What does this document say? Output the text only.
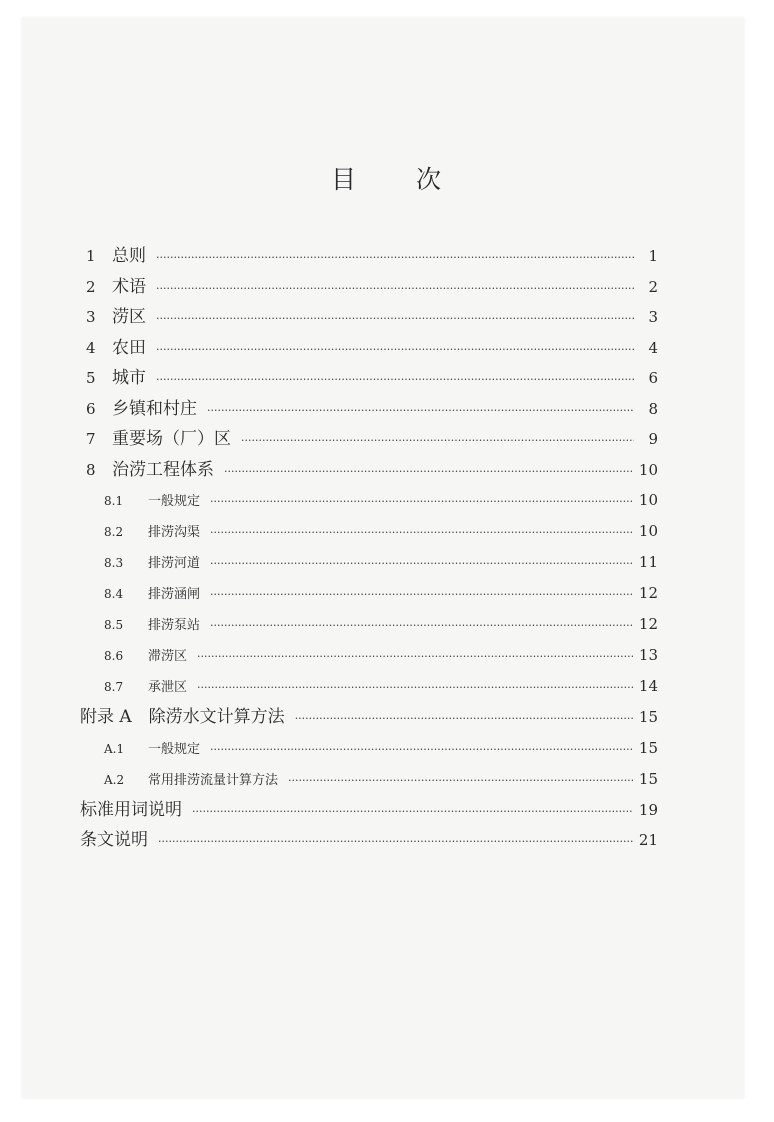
目 次
1 总则 ·····	1
2 术语 ·····	2
3 涝区 ·····	3
4 农田 ·····	4
5 城市 ·····	6
6 乡镇和村庄 ·····	8
7 重要场（厂）区 ·····	9
8 治涝工程体系 ·····	10
8.1	一般规定 ·····	10
8.2	排涝沟渠 ·····	10
8.3	排涝河道 ·····	11
8.4	排涝涵闸 ·····	12
8.5	排涝泵站 ·····	12
8.6	滞涝区 ·····	13
8.7	承泄区 ·····	14
附录 A　除涝水文计算方法 ·····	15
A.1	一般规定 ·····	15
A.2	常用排涝流量计算方法 ·····	15
标准用词说明 ·····	19
条文说明 ·····	21
